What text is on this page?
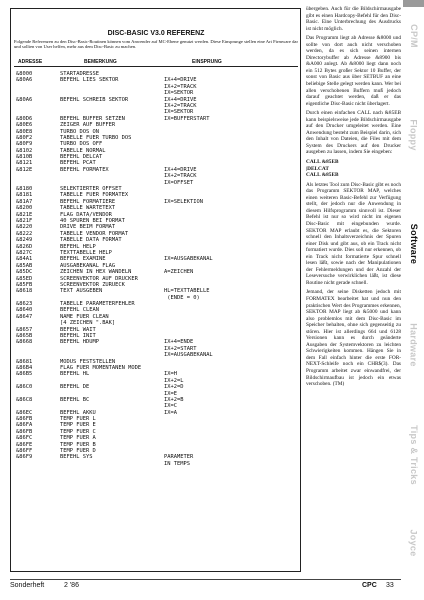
DISC-BASIC V3.0 REFERENZ
Folgende Referenzen zu den Disc-Basic-Routinen können vom Anwender auf MC-Ebene genutzt werden. Diese Einsprunge stellen eine Art Firmware dar und sollten von User helfen, mehr aus dem Disc-Basic zu machen.
ADRESSE	BEMERKUNG	EINSPRUNG
&8000	STARTADRESSE
&80A6	BEFEHL LIES SEKTOR	IX+4=DRIVE
IX+2=TRACK
IX=SEKTOR
&80A6	BEFEHL SCHREIB SEKTOR	IX+4=DRIVE
IX+2=TRACK
IX=SEKTOR
&80D6	BEFEHL BUFFER SETZEN	IX=BUFFERSTART
&80E6	ZEIGER AUF BUFFER
&80E8	TURBO DOS ON
&80F2	TABELLE FUER TURBO DOS
&80F9	TURBO DOS OFF
&8102	TABELLE NORMAL
&810B	BEFEHL DELCAT
&8121	BEFEHL PCAT
&812E	BEFEHL FORMATEX	IX+4=DRIVE
IX+2=TRACK
IX=OFFSET
&8180	SELEKTIERTER OFFSET
&8181	TABELLE FUER FORMATEX
&81A7	BEFEHL FORMATIERE	IX=SELEKTION
&8200	TABELLE WARTETEXT
&821E	FLAG DATA/VENDOR
&821F	40 SPUREN BEI FORMAT
&8220	DRIVE BEIM FORMAT
&8222	TABELLE VENDOR FORMAT
&8249	TABELLE DATA FORMAT
&826D	BEFEHL HELP
&827C	TEXTTABELLE HELP
&84A1	BEFEHL EXAMINE	IX=AUSGABEKANAL
&85AB	AUSGABEKANAL FLAG
&85DC	ZEICHEN IN HEX WANDELN	A=ZEICHEN
&85ED	SCREENVEKTOR AUF DRUCKER
&85FB	SCREENVEKTOR ZURUECK
&8618	TEXT AUSGEBEN	HL=TEXTTABELLE
(ENDE = 0)
&8623	TABELLE PARAMETERFEHLER
&8640	BEFEHL CLEAN
&8647	NAME FUER CLEAN
[4 ZEICHEN ".BAK]
&8657	BEFEHL WAIT
&865B	BEFEHL INIT
&8668	BEFEHL HDUMP	IX+4=ENDE
IX+2=START
IX=AUSGABEKANAL
&8681	MODUS FESTSTELLEN
&86B4	FLAG FUER MOMENTANEN MODE
&86B5	BEFEHL HL	IX=H
IX+2=L
&86C0	BEFEHL DE	IX+2=D
IX=E
&86C8	BEFEHL BC	IX+2=B
IX=C
&86EC	BEFEHL AKKU	IX=A
&86FB	TEMP FUER L
&86FA	TEMP FUER E
&86FB	TEMP FUER C
&86FC	TEMP FUER A
&86FE	TEMP FUER B
&86FF	TEMP FUER D
&86F9	BEFEHL SYS	PARAMETER
IN TEMPS

übergeben. Auch für die Bildschirmausgabe gibt es einen Hardcopy-Befehl für den Disc-Basic. Eine Unterbrechung des Ausdrucks ist nicht möglich.

Das Programm liegt ab Adresse &8000 und sollte von dort auch nicht verschoben werden, da es sich seinen internen Directorybuffer ab Adresse &8900 bis &A000 anlegt. Ab &8000 liegt dann noch ein 512 Bytes großer Sektor 10 Buffer, der sonst von Basic aus über SETBUF an eine beliebige Stelle gelegt werden kann. Wer bei allen verschobenen Buffern muß jedoch darauf geachtet werden, daß er das eigentliche Disc-Basic nicht überlagert.

Durch einen einfachen CALL nach &85EB kann beispielsweise jede Bildschirmausgabe auf den Drucker umgeleitet werden. Eine Anwendung besteht zum Beispiel darin, sich den Inhalt von Dateien, die Files mit dem System des Druckers auf den Drucker ausgeben zu lassen, indem Sie eingeben:

CALL &85EB
|DELCAT
CALL &85EB

Als letztes Tool zum Disc-Basic gibt es noch das Programm SEKTOR MAP, welches einen weiteren Basic-Befehl zur Verfügung stellt, der jedoch nur die Anwendung in diesem Hilfsprogramm sinnvoll ist. Dieser Befehl ist nur so wird nicht im eigenen Disc-Basic mit eingebunden wurde. SEKTOR MAP erlaubt es, die Sektoren schnell den Inhaltsverzeichnis der Spuren einer Disk und gibt aus, ob ein Track nicht formatiert wurde. Dies soll nur erkennen, ob ein Track nicht formatierte Spur schnell lesen läßt, sowie nach der Manipulationen der Fehlermeldungen und der Anzahl der Leseversuche verwirklichen läßt, ist diese Routine nicht gerade schnell.

Jemand, der seine Disketten jedoch mit FORMATEX bearbeitet hat und nun den praktischen Wert des Programmes erkennen, SEKTOR MAP liegt ab &5000 und kann also problemlos mit dem Disc-Basic im Speicher behalten, ohne sich gegenseitig zu stören. Hier ist allerdings 664 und 6128 Versionen kann es durch geänderte Ausgaben der Systemvektoren zu leichten Schwierigkeiten kommen. Hängen Sie in dem Fall einfach hinter die erste FOR-NEXT-Schleife noch ein CHR$(3). Das Programm arbeitet zwar einwandfrei, der Bildschirmaufbau ist jedoch ein etwas verschoben. (TM)

CP/M
Floppy
Software
Hardware
Tips & Tricks
Joyce
Sonderheft	2 '86	CPC 33
